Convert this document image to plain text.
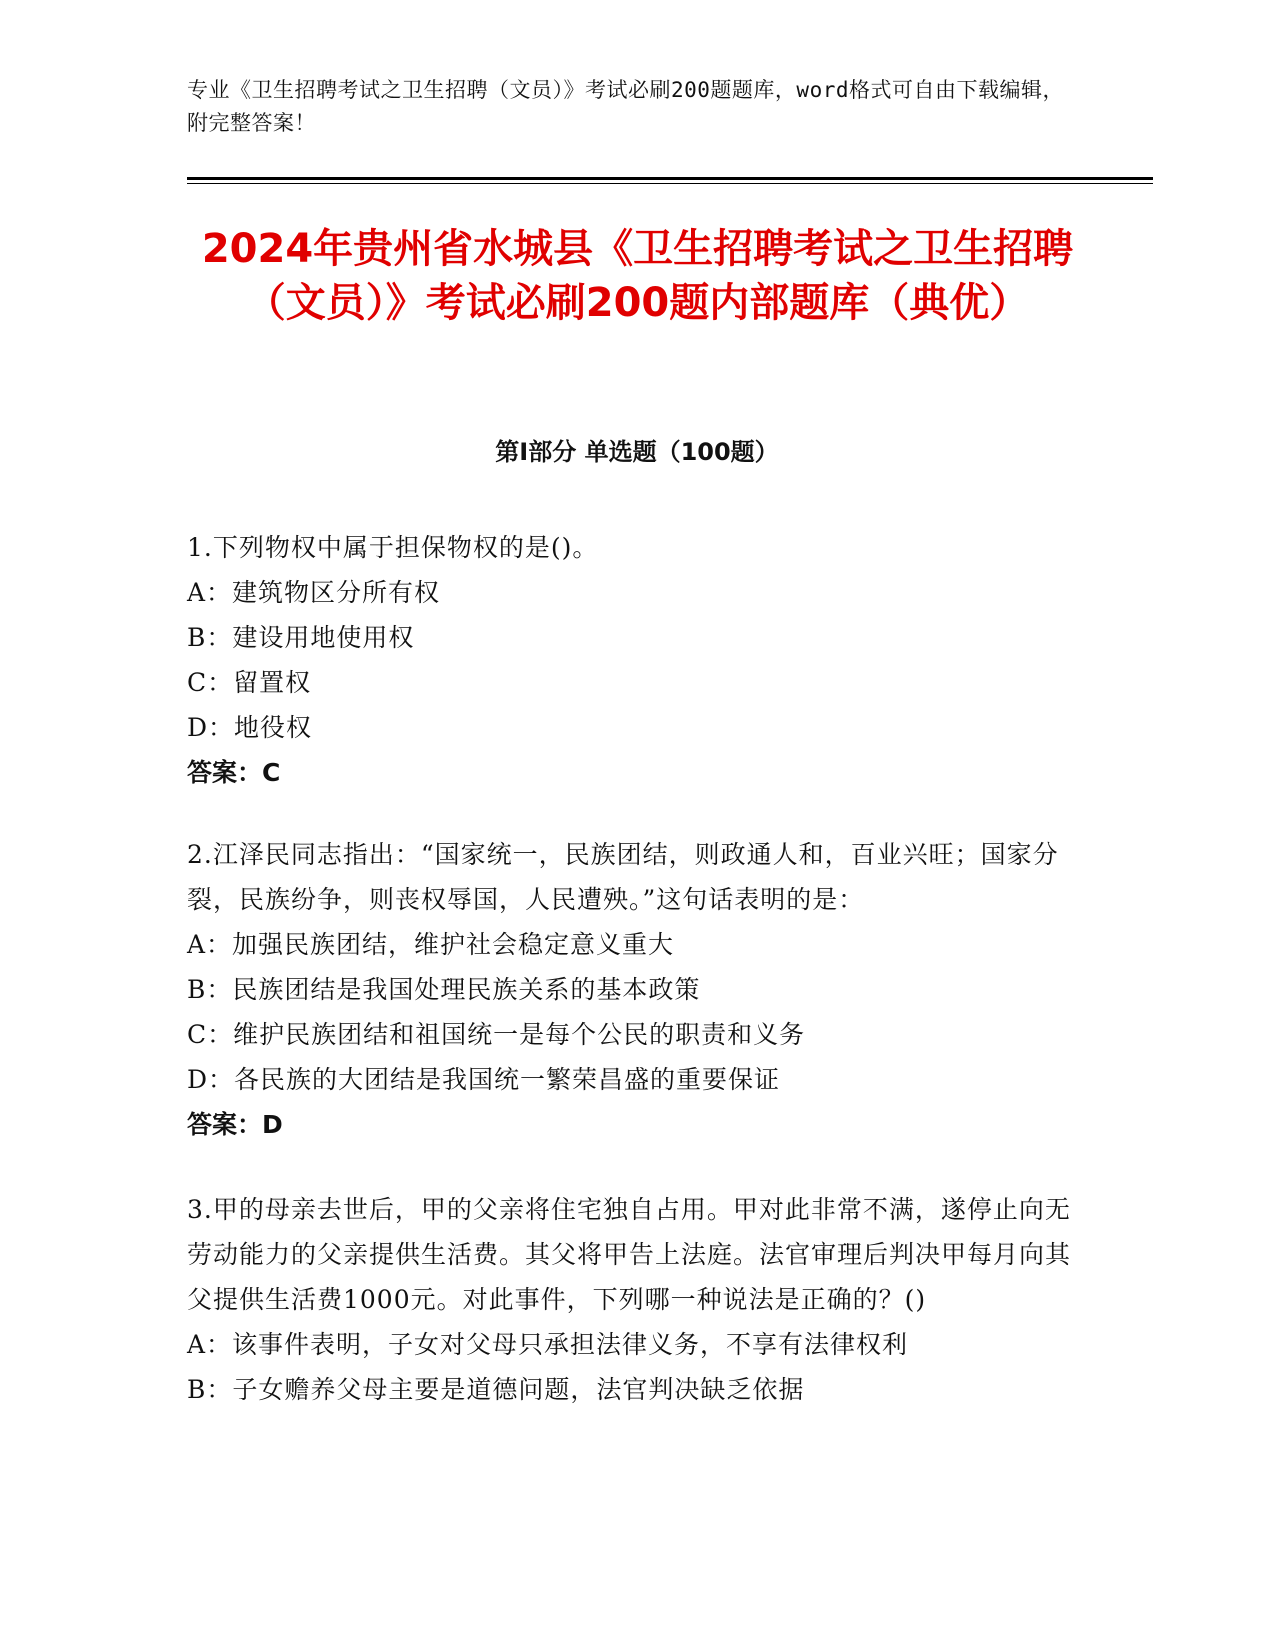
专业《卫生招聘考试之卫生招聘（文员）》考试必刷200题题库，word格式可自由下载编辑，附完整答案！
2024年贵州省水城县《卫生招聘考试之卫生招聘（文员）》考试必刷200题内部题库（典优）
第I部分 单选题（100题）
1.下列物权中属于担保物权的是()。
A：建筑物区分所有权
B：建设用地使用权
C：留置权
D：地役权
答案：C
2.江泽民同志指出：“国家统一，民族团结，则政通人和，百业兴旺；国家分裂，民族纷争，则丧权辱国，人民遭殃。”这句话表明的是：
A：加强民族团结，维护社会稳定意义重大
B：民族团结是我国处理民族关系的基本政策
C：维护民族团结和祖国统一是每个公民的职责和义务
D：各民族的大团结是我国统一繁荣昌盛的重要保证
答案：D
3.甲的母亲去世后，甲的父亲将住宅独自占用。甲对此非常不满，遂停止向无劳动能力的父亲提供生活费。其父将甲告上法庭。法官审理后判决甲每月向其父提供生活费1000元。对此事件，下列哪一种说法是正确的？()
A：该事件表明，子女对父母只承担法律义务，不享有法律权利
B：子女赡养父母主要是道德问题，法官判决缺乏依据
